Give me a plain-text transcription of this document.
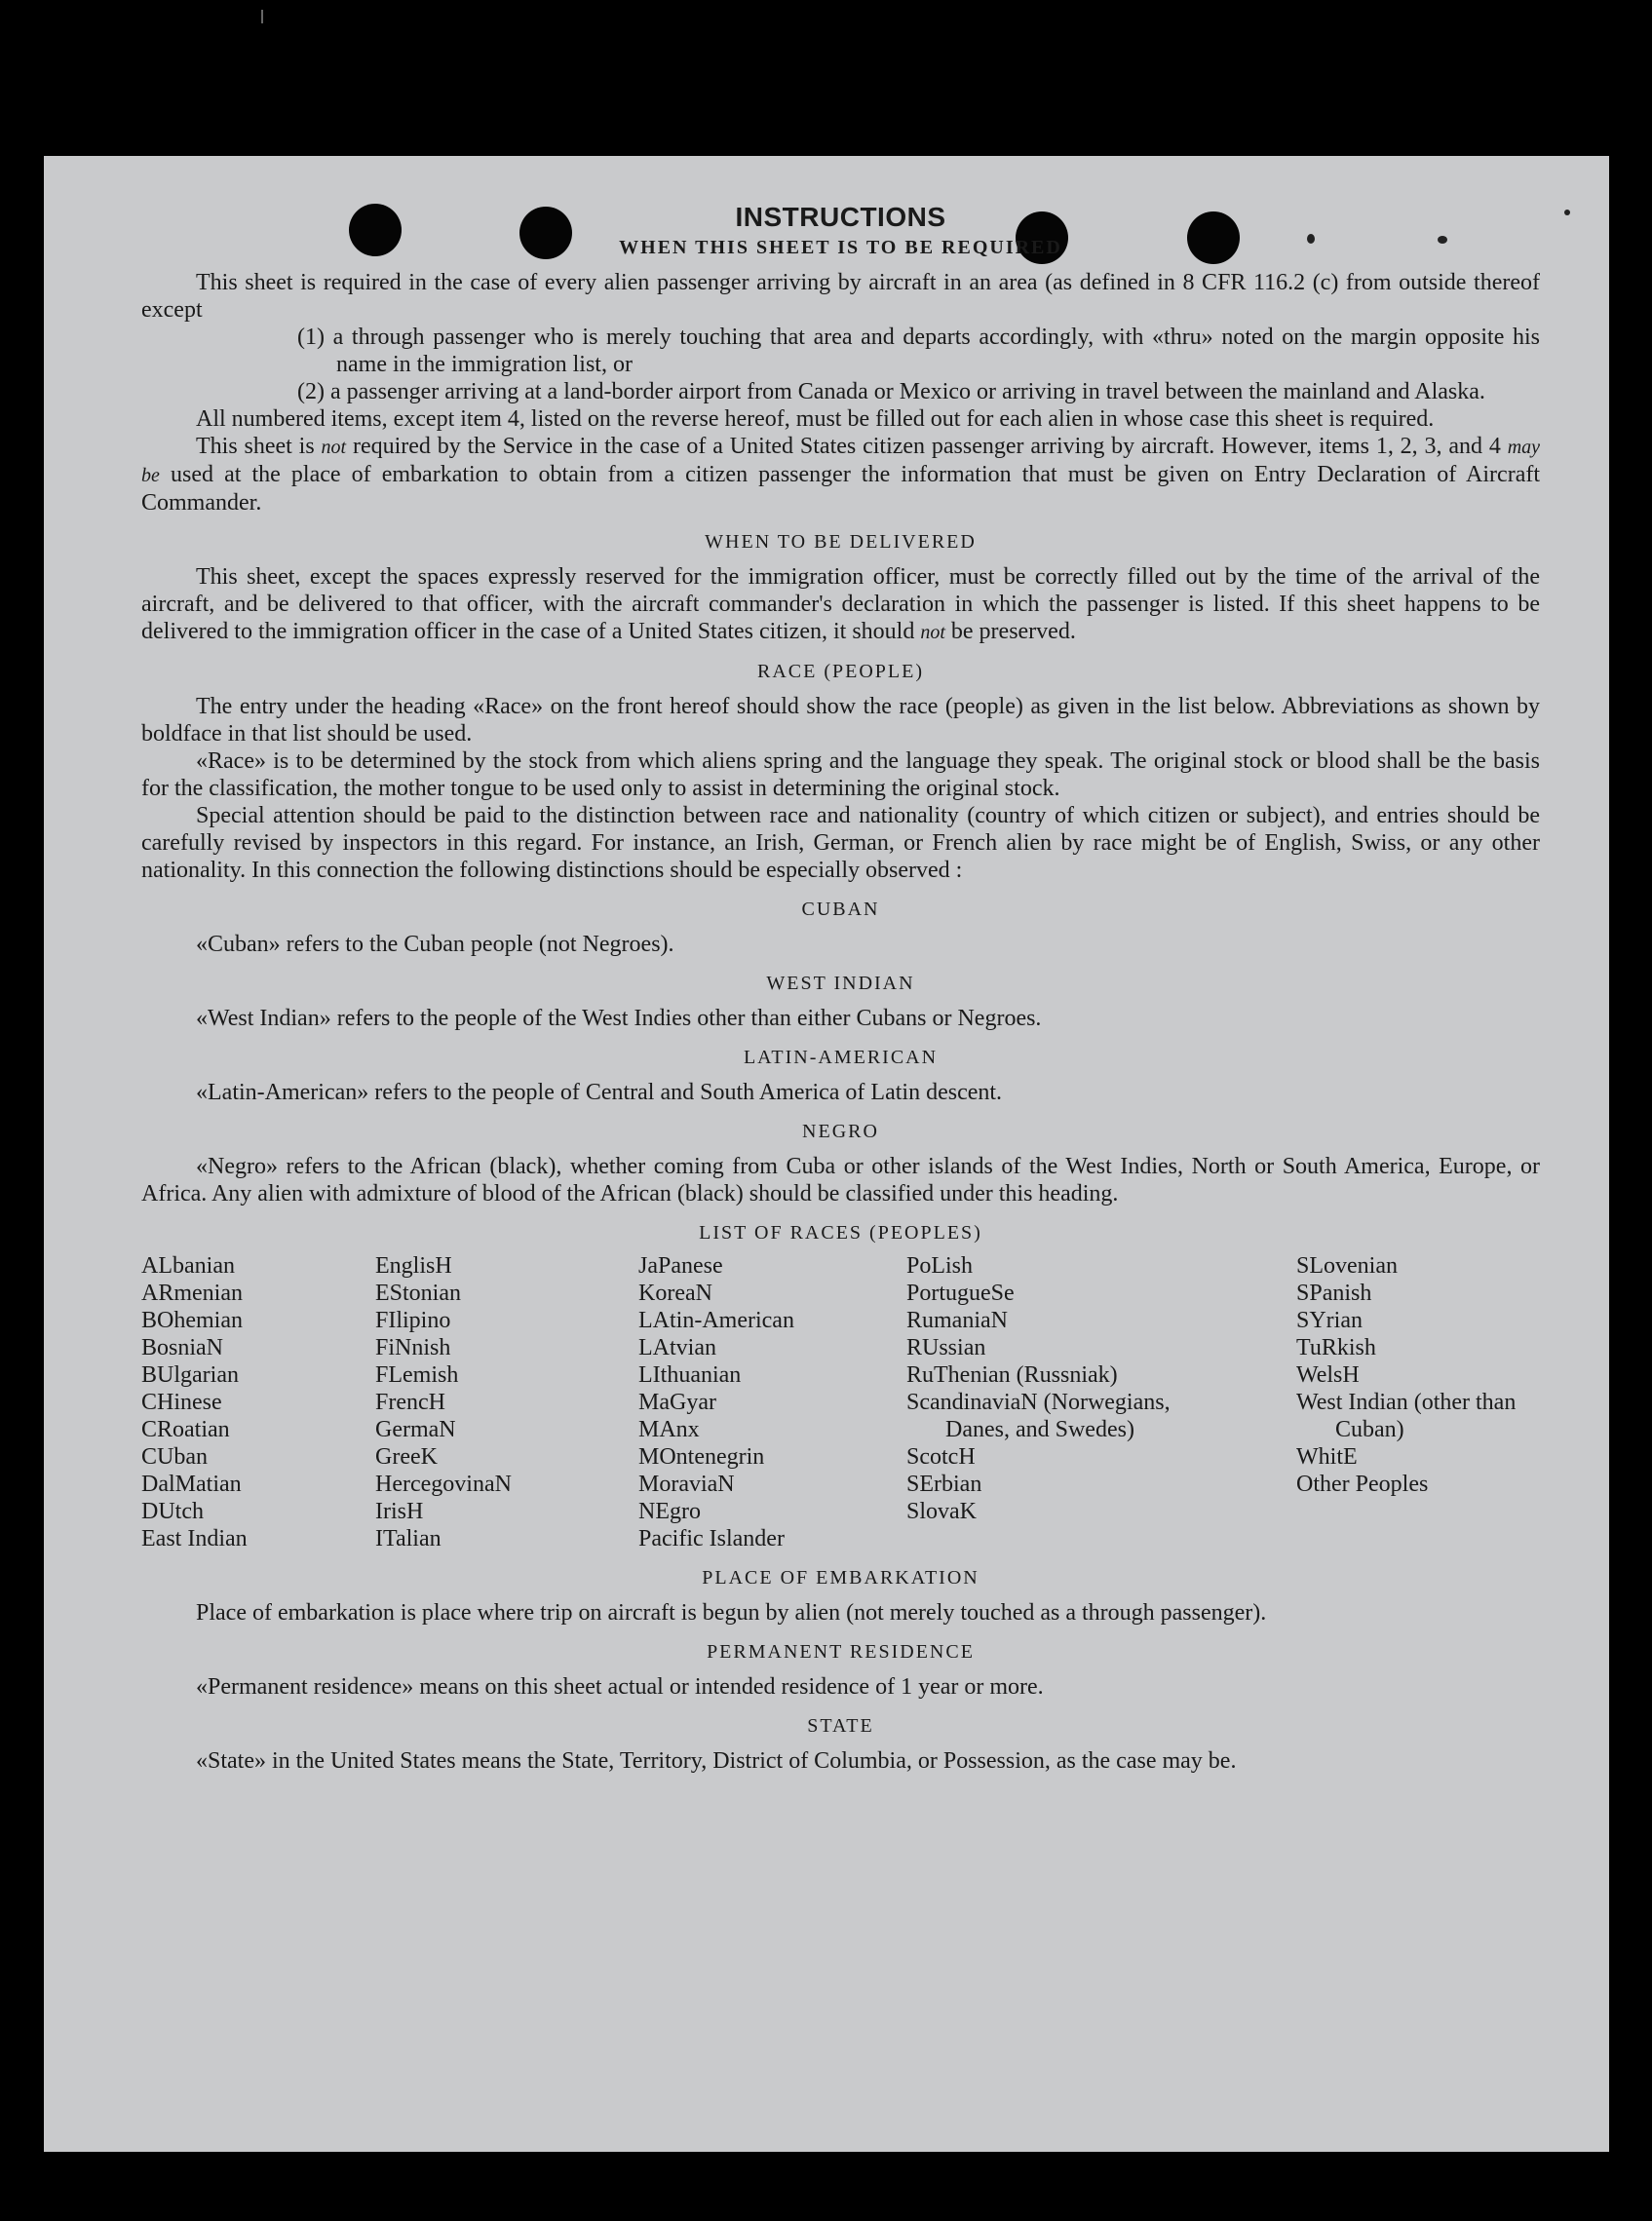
INSTRUCTIONS
WHEN THIS SHEET IS TO BE REQUIRED

This sheet is required in the case of every alien passenger arriving by aircraft in an area (as defined in 8 CFR 116.2 (c) from outside thereof except

(1) a through passenger who is merely touching that area and departs accordingly, with «thru» noted on the margin opposite his name in the immigration list, or

(2) a passenger arriving at a land-border airport from Canada or Mexico or arriving in travel between the mainland and Alaska.

All numbered items, except item 4, listed on the reverse hereof, must be filled out for each alien in whose case this sheet is required.

This sheet is not required by the Service in the case of a United States citizen passenger arriving by aircraft. However, items 1, 2, 3, and 4 may be used at the place of embarkation to obtain from a citizen passenger the information that must be given on Entry Declaration of Aircraft Commander.

WHEN TO BE DELIVERED

This sheet, except the spaces expressly reserved for the immigration officer, must be correctly filled out by the time of the arrival of the aircraft, and be delivered to that officer, with the aircraft commander's declaration in which the passenger is listed. If this sheet happens to be delivered to the immigration officer in the case of a United States citizen, it should not be preserved.

RACE (PEOPLE)

The entry under the heading «Race» on the front hereof should show the race (people) as given in the list below. Abbreviations as shown by boldface in that list should be used.

«Race» is to be determined by the stock from which aliens spring and the language they speak. The original stock or blood shall be the basis for the classification, the mother tongue to be used only to assist in determining the original stock.

Special attention should be paid to the distinction between race and nationality (country of which citizen or subject), and entries should be carefully revised by inspectors in this regard. For instance, an Irish, German, or French alien by race might be of English, Swiss, or any other nationality. In this connection the following distinctions should be especially observed :

CUBAN

«Cuban» refers to the Cuban people (not Negroes).

WEST INDIAN

«West Indian» refers to the people of the West Indies other than either Cubans or Negroes.

LATIN-AMERICAN

«Latin-American» refers to the people of Central and South America of Latin descent.

NEGRO

«Negro» refers to the African (black), whether coming from Cuba or other islands of the West Indies, North or South America, Europe, or Africa. Any alien with admixture of blood of the African (black) should be classified under this heading.

LIST OF RACES (PEOPLES)
ALbanian
ARmenian
BOhemian
BosniaN
BUlgarian
CHinese
CRoatian
CUban
DalMatian
DUtch
East Indian
EnglisH
EStonian
FIlipino
FiNnish
FLemish
FrencH
GermaN
GreeK
HercegovinaN
IrisH
ITalian
JaPanese
KoreaN
LAtin-American
LAtvian
LIthuanian
MaGyar
MAnx
MOntenegrin
MoraviaN
NEgro
Pacific Islander
PoLish
PortugueSe
RumaniaN
RUssian
RuThenian (Russniak)
ScandinaviaN (Norwegians, Danes, and Swedes)
ScotcH
SErbian
SlovaK
SLovenian
SPanish
SYrian
TuRkish
WelsH
West Indian (other than Cuban)
WhitE
Other Peoples
PLACE OF EMBARKATION

Place of embarkation is place where trip on aircraft is begun by alien (not merely touched as a through passenger).

PERMANENT RESIDENCE

«Permanent residence» means on this sheet actual or intended residence of 1 year or more.

STATE

«State» in the United States means the State, Territory, District of Columbia, or Possession, as the case may be.
